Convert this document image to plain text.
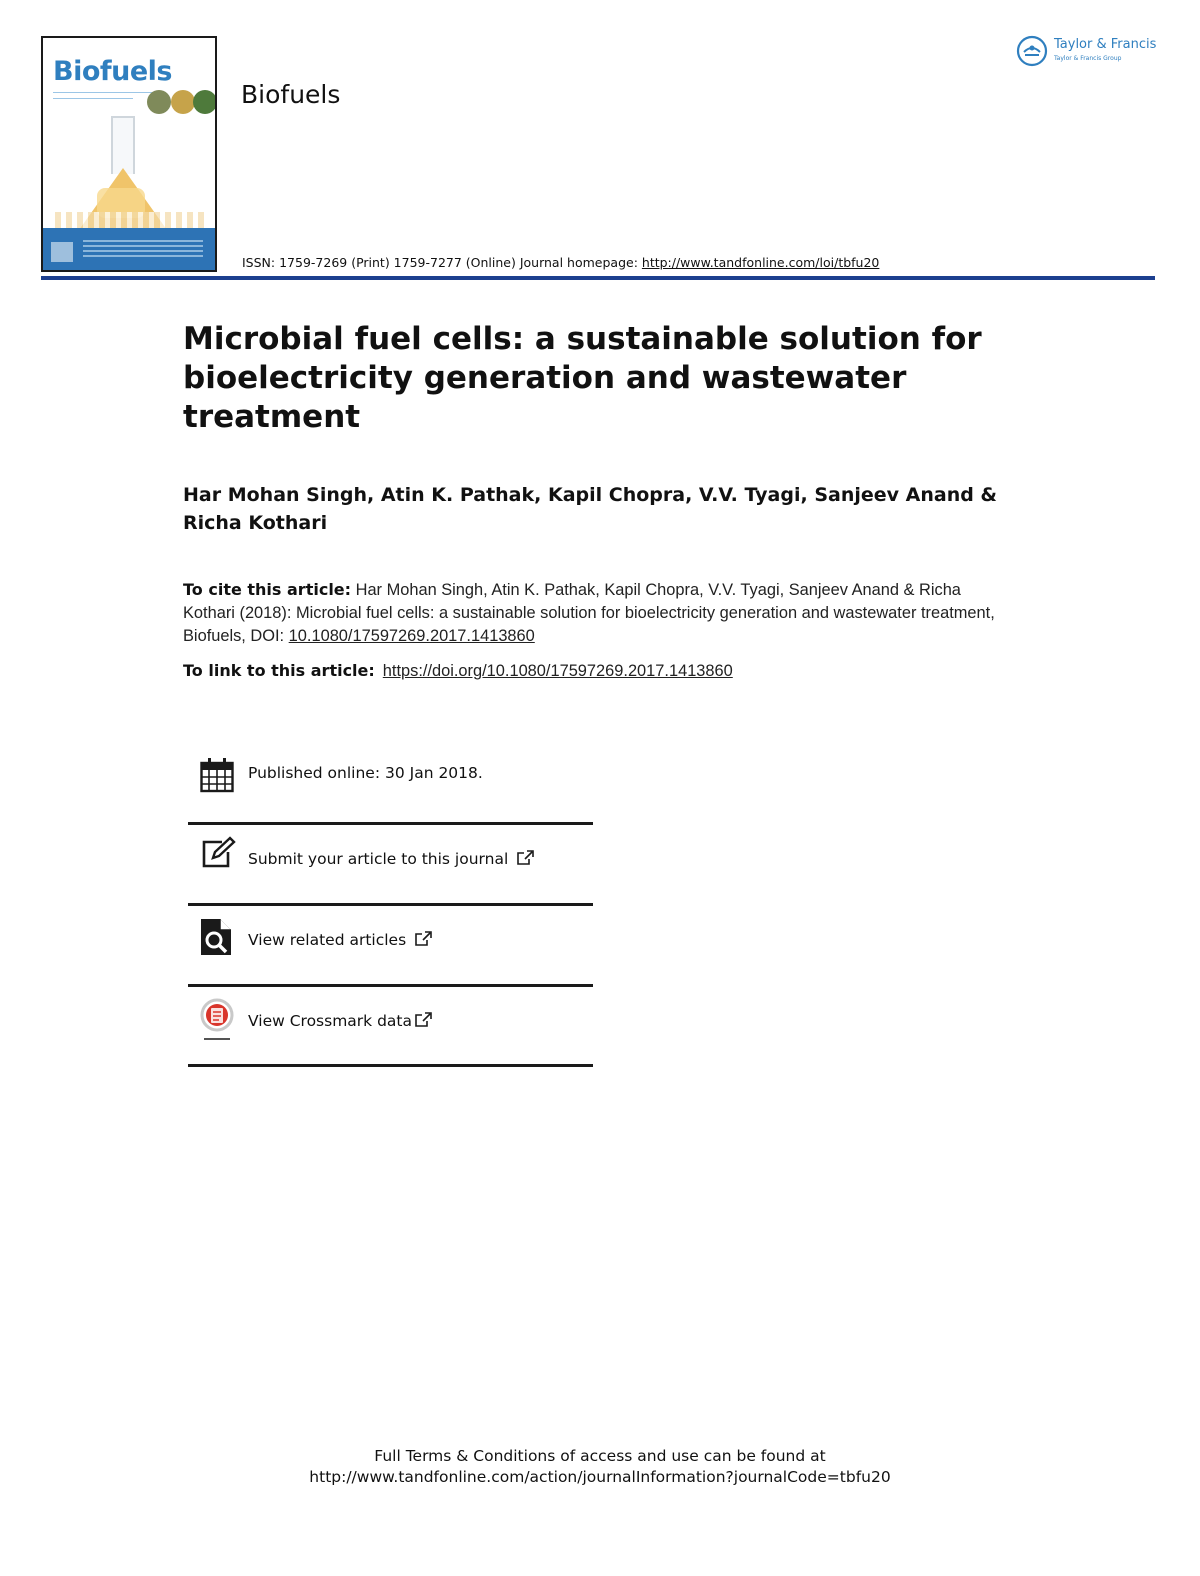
Biofuels
Biofuels
ISSN: 1759-7269 (Print) 1759-7277 (Online) Journal homepage: http://www.tandfonline.com/loi/tbfu20
Taylor & Francis
Taylor & Francis Group
Microbial fuel cells: a sustainable solution for bioelectricity generation and wastewater treatment
Har Mohan Singh, Atin K. Pathak, Kapil Chopra, V.V. Tyagi, Sanjeev Anand & Richa Kothari
To cite this article: Har Mohan Singh, Atin K. Pathak, Kapil Chopra, V.V. Tyagi, Sanjeev Anand & Richa Kothari (2018): Microbial fuel cells: a sustainable solution for bioelectricity generation and wastewater treatment, Biofuels, DOI: 10.1080/17597269.2017.1413860
To link to this article: https://doi.org/10.1080/17597269.2017.1413860
Published online: 30 Jan 2018.
Submit your article to this journal
View related articles
View Crossmark data
Full Terms & Conditions of access and use can be found at
http://www.tandfonline.com/action/journalInformation?journalCode=tbfu20
